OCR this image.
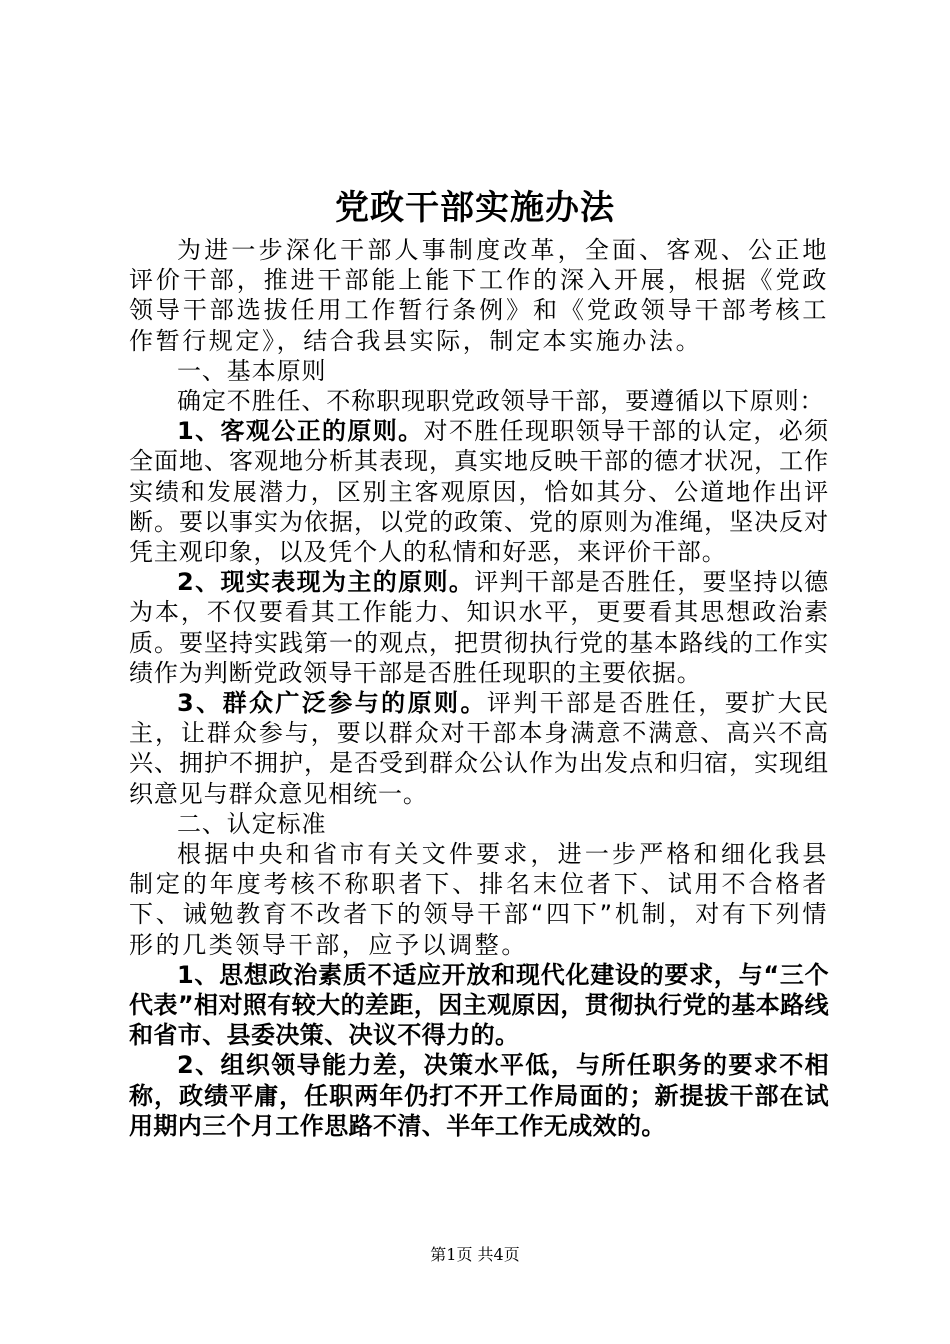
党政干部实施办法

为进一步深化干部人事制度改革，全面、客观、公正地评价干部，推进干部能上能下工作的深入开展，根据《党政领导干部选拔任用工作暂行条例》和《党政领导干部考核工作暂行规定》，结合我县实际，制定本实施办法。

一、基本原则

确定不胜任、不称职现职党政领导干部，要遵循以下原则：

1、客观公正的原则。对不胜任现职领导干部的认定，必须全面地、客观地分析其表现，真实地反映干部的德才状况，工作实绩和发展潜力，区别主客观原因，恰如其分、公道地作出评断。要以事实为依据，以党的政策、党的原则为准绳，坚决反对凭主观印象，以及凭个人的私情和好恶，来评价干部。

2、现实表现为主的原则。评判干部是否胜任，要坚持以德为本，不仅要看其工作能力、知识水平，更要看其思想政治素质。要坚持实践第一的观点，把贯彻执行党的基本路线的工作实绩作为判断党政领导干部是否胜任现职的主要依据。

3、群众广泛参与的原则。评判干部是否胜任，要扩大民主，让群众参与，要以群众对干部本身满意不满意、高兴不高兴、拥护不拥护，是否受到群众公认作为出发点和归宿，实现组织意见与群众意见相统一。

二、认定标准

根据中央和省市有关文件要求，进一步严格和细化我县制定的年度考核不称职者下、排名末位者下、试用不合格者下、诫勉教育不改者下的领导干部“四下”机制，对有下列情形的几类领导干部，应予以调整。

1、思想政治素质不适应开放和现代化建设的要求，与“三个代表”相对照有较大的差距，因主观原因，贯彻执行党的基本路线和省市、县委决策、决议不得力的。

2、组织领导能力差，决策水平低，与所任职务的要求不相称，政绩平庸，任职两年仍打不开工作局面的；新提拔干部在试用期内三个月工作思路不清、半年工作无成效的。

第1页 共4页
